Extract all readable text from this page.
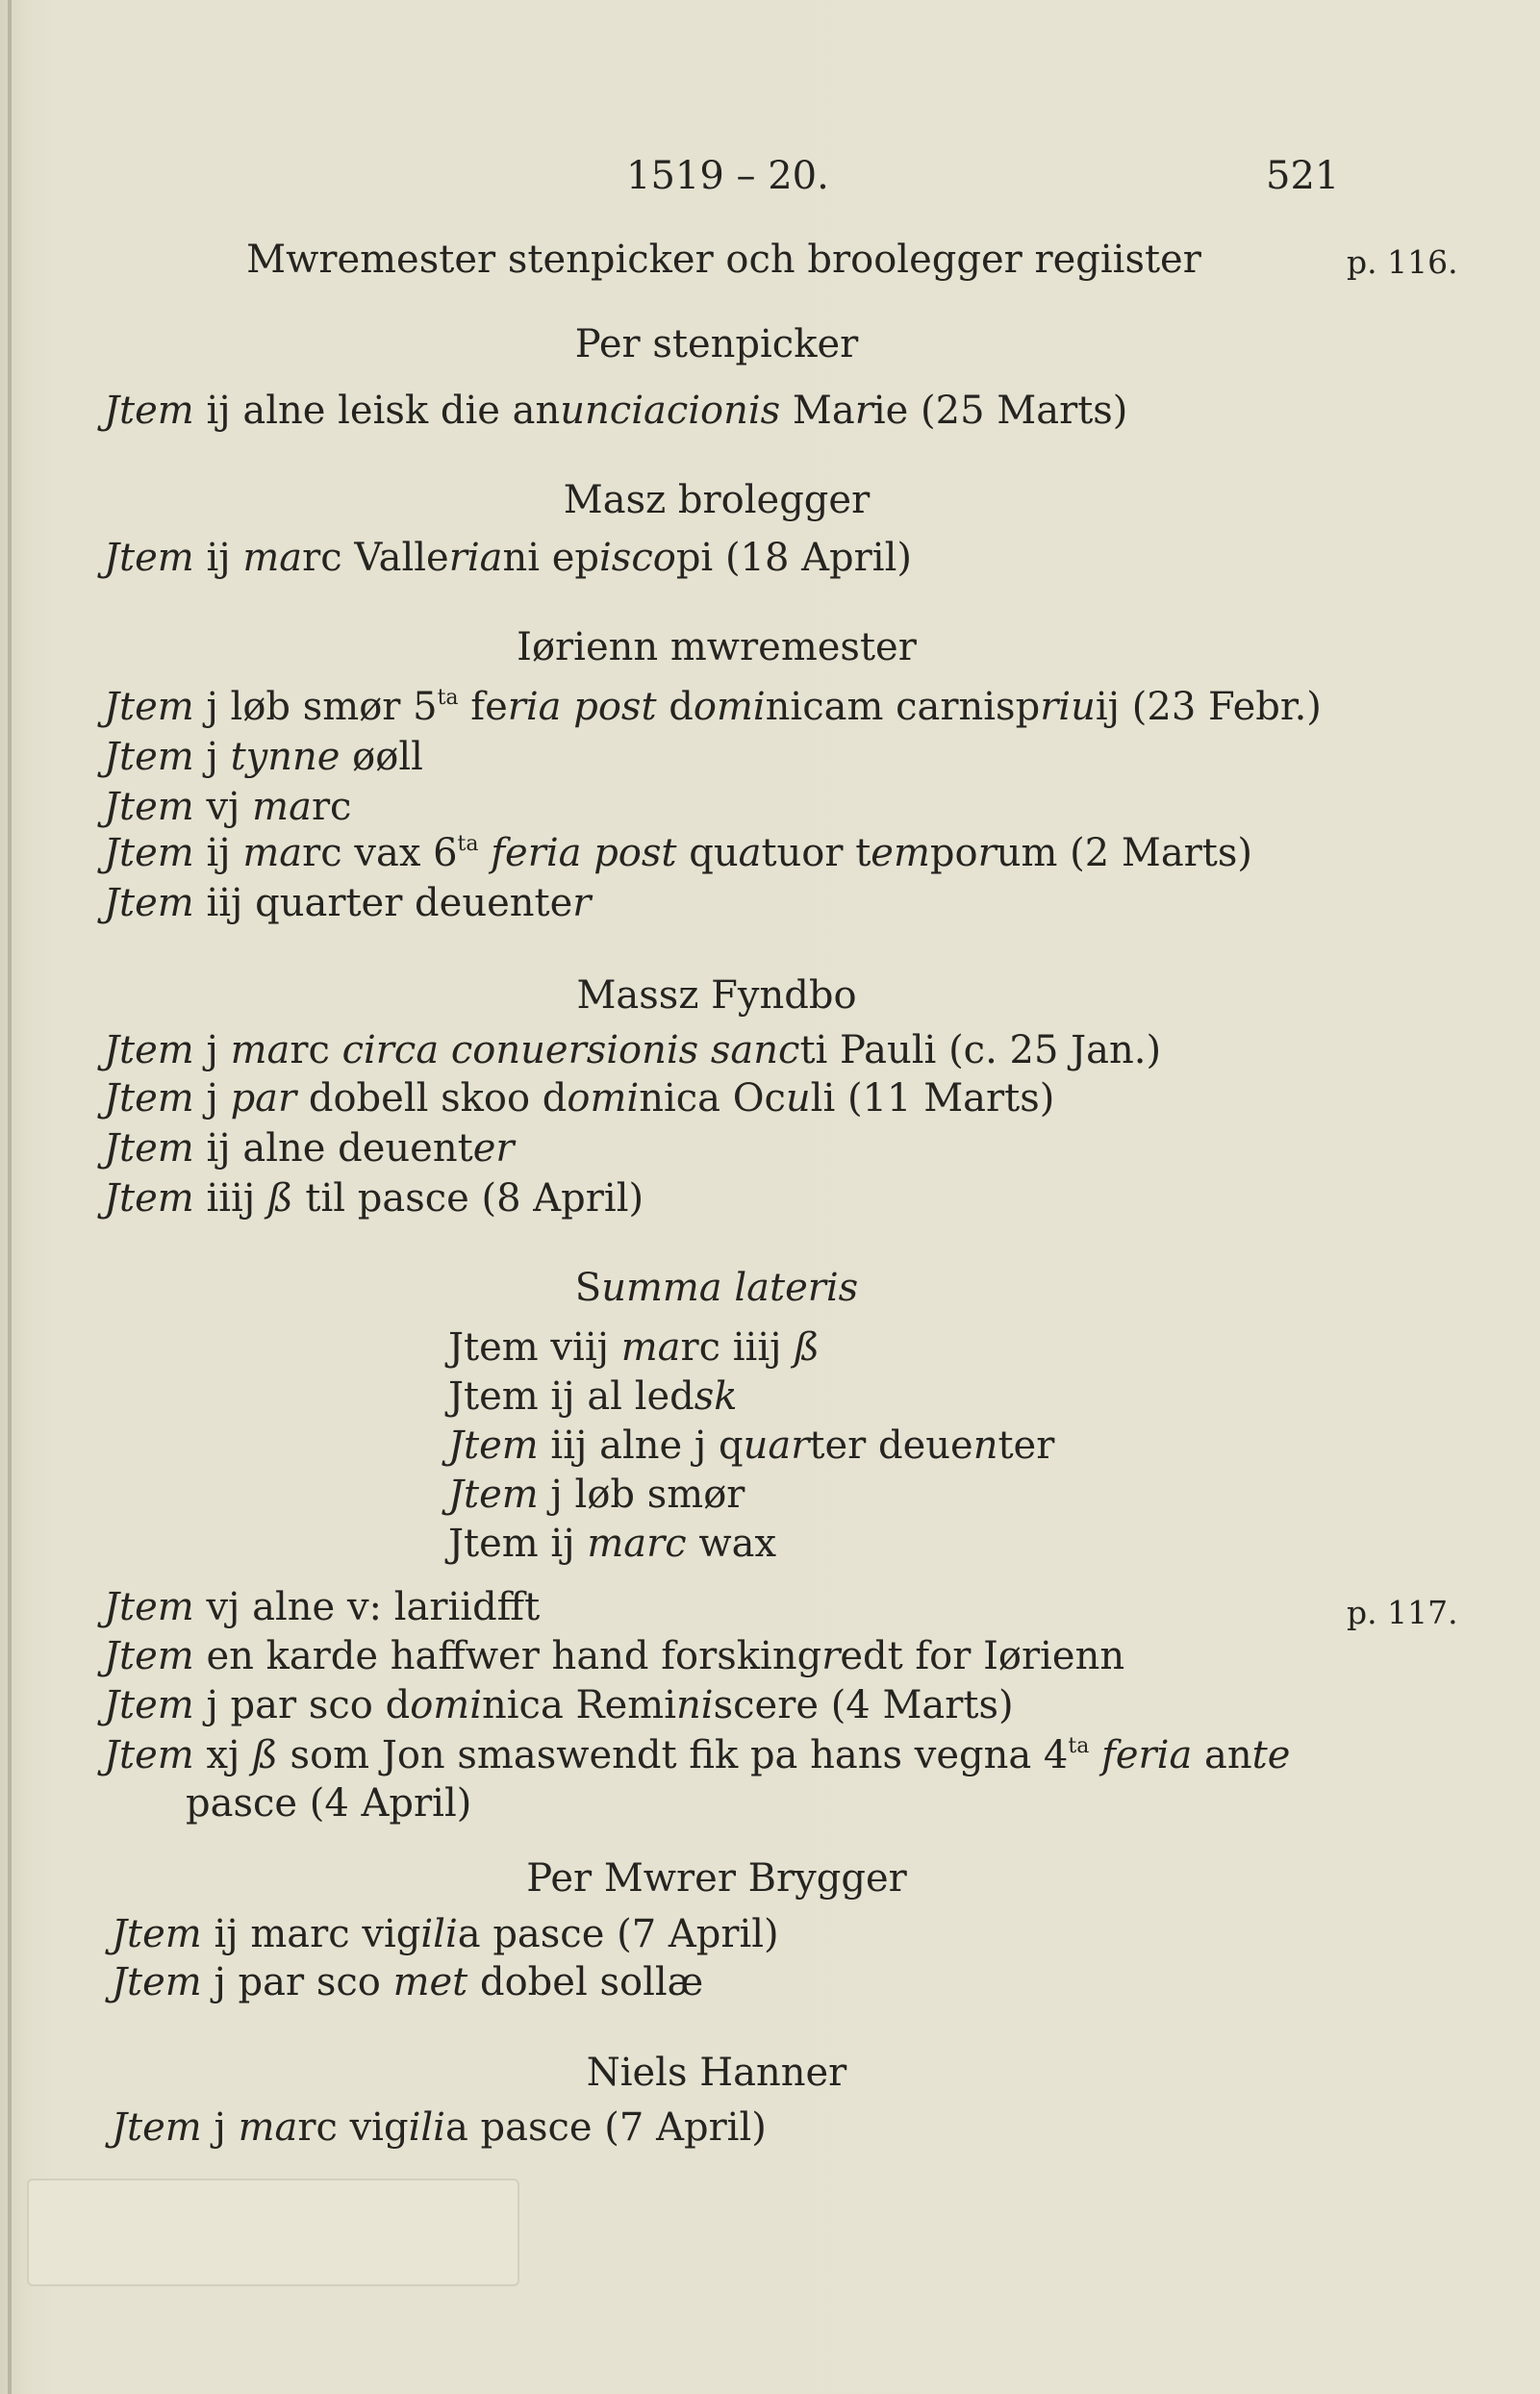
1519 – 20.	521
Mwremester stenpicker och broolegger regiister	p. 116.
Per stenpicker
Jtem ij alne leisk die anunciacionis Marie (25 Marts)
Masz brolegger
Jtem ij marc Valleriani episcopi (18 April)
Iørienn mwremester
Jtem j løb smør $5^{ta}$ feria post dominicam carnispriuij (23 Febr.)
Jtem j tynne øøll
Jtem vj marc
Jtem ij marc vax $6^{ta}$ feria post quatuor temporum (2 Marts)
Jtem iij quarter deuenter
Massz Fyndbo
Jtem j marc circa conuersionis sancti Pauli (c. 25 Jan.)
Jtem j par dobell skoo dominica Oculi (11 Marts)
Jtem ij alne deuenter
Jtem iiij ß til pasce (8 April)
Summa lateris
Jtem viij marc iiij ß
Jtem ij al ledsk
Jtem iij alne j quarter deuenter
Jtem j løb smør
Jtem ij marc wax
Jtem vj alne v: lariidfft	p. 117.
Jtem en karde haffwer hand forskingredt for Iørienn
Jtem j par sco dominica Reminiscere (4 Marts)
Jtem xj ß som Jon smaswendt fik pa hans vegna $4^{ta}$ feria ante
pasce (4 April)
Per Mwrer Brygger
Jtem ij marc vigilia pasce (7 April)
Jtem j par sco met dobel sollæ
Niels Hanner
Jtem j marc vigilia pasce (7 April)
